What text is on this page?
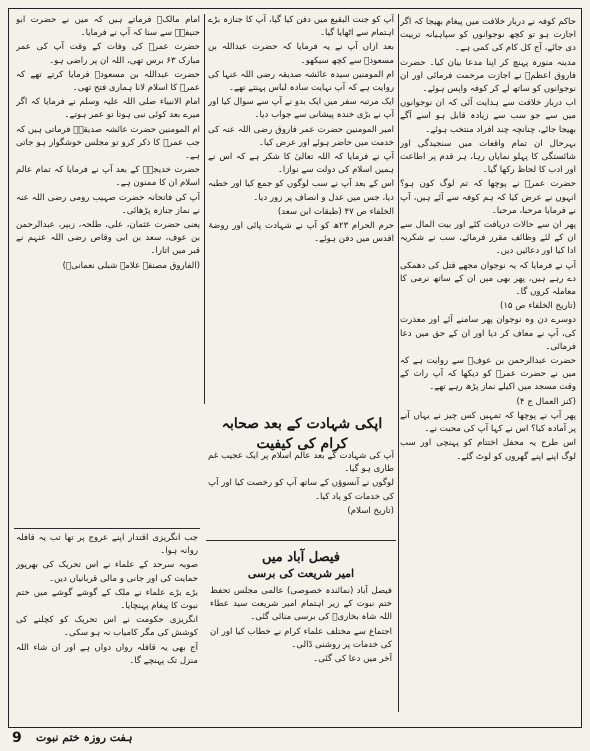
حاکم کوفہ نے دربار خلافت میں پیغام بھیجا کہ اگر اجازت ہو تو کچھ نوجوانوں کو سپاہیانہ تربیت دی جائے، آج کل کام کی کمی ہے۔

مدینہ منورہ پہنچ کر اپنا مدعا بیان کیا۔ حضرت فاروق اعظمؓ نے اجازت مرحمت فرمائی اور ان نوجوانوں کو ساتھ لے کر کوفہ واپس ہوئے۔

اب دربار خلافت سے ہدایت آئی کہ ان نوجوانوں میں سے جو سب سے زیادہ قابل ہو اسے آگے بھیجا جائے، چنانچہ چند افراد منتخب ہوئے۔

بہرحال ان تمام واقعات میں سنجیدگی اور شائستگی کا پہلو نمایاں رہا، ہر قدم پر اطاعت اور ادب کا لحاظ رکھا گیا۔

حضرت عمرؓ نے پوچھا کہ تم لوگ کون ہو؟ انہوں نے عرض کیا کہ ہم کوفہ سے آئے ہیں، آپ نے فرمایا مرحبا، مرحبا۔

پھر ان سے حالات دریافت کئے اور بیت المال سے ان کے لئے وظائف مقرر فرمائے، سب نے شکریہ ادا کیا اور دعائیں دیں۔

آپ نے فرمایا کہ یہ نوجوان مجھے قتل کی دھمکی دے رہے ہیں، پھر بھی میں ان کے ساتھ نرمی کا معاملہ کروں گا۔

(تاریخ الخلفاء ص ۱۵)

دوسرے دن وہ نوجوان پھر سامنے آئے اور معذرت کی، آپ نے معاف کر دیا اور ان کے حق میں دعا فرمائی۔

حضرت عبدالرحمن بن عوفؓ سے روایت ہے کہ میں نے حضرت عمرؓ کو دیکھا کہ آپ رات کے وقت مسجد میں اکیلے نماز پڑھ رہے تھے۔

(کنز العمال ج ۴)

پھر آپ نے پوچھا کہ تمہیں کس چیز نے یہاں آنے پر آمادہ کیا؟ اس نے کہا آپ کی محبت نے۔

اس طرح یہ محفل اختتام کو پہنچی اور سب لوگ اپنے اپنے گھروں کو لوٹ گئے۔

آپ کو جنت البقیع میں دفن کیا گیا، آپ کا جنازہ بڑے اہتمام سے اٹھایا گیا۔

بعد ازاں آپ نے یہ فرمایا کہ حضرت عبداللہ بن مسعودؓ سے کچھ سیکھو۔

ام المومنین سیدہ عائشہ صدیقہ رضی اللہ عنہا کی روایت ہے کہ آپ نہایت سادہ لباس پہنتے تھے۔

ایک مرتبہ سفر میں ایک بدو نے آپ سے سوال کیا اور آپ نے بڑی خندہ پیشانی سے جواب دیا۔

امیر المومنین حضرت عمر فاروق رضی اللہ عنہ کی خدمت میں حاضر ہوئے اور عرض کیا۔

آپ نے فرمایا کہ اللہ تعالیٰ کا شکر ہے کہ اس نے ہمیں اسلام کی دولت سے نوازا۔

اس کے بعد آپ نے سب لوگوں کو جمع کیا اور خطبہ دیا، جس میں عدل و انصاف پر زور دیا۔

الخلفاء ص ۴۷ (طبقات ابن سعد)

حرم الحرام ۲۳ھ کو آپ نے شہادت پائی اور روضۂ اقدس میں دفن ہوئے۔

اپکی شہادت کے بعد صحابہ کرام کی کیفیت

آپ کی شہادت کے بعد عالم اسلام پر ایک عجیب غم طاری ہو گیا۔

لوگوں نے آنسوؤں کے ساتھ آپ کو رخصت کیا اور آپ کی خدمات کو یاد کیا۔

(تاریخ اسلام)

امام مالکؒ فرماتے ہیں کہ میں نے حضرت ابو حنیفہؒ سے سنا کہ آپ نے فرمایا۔

حضرت عمرؓ کی وفات کے وقت آپ کی عمر مبارک ۶۳ برس تھی، اللہ ان پر راضی ہو۔

حضرت عبداللہ بن مسعودؓ فرمایا کرتے تھے کہ عمرؓ کا اسلام لانا ہماری فتح تھی۔

امام الانبیاء صلی اللہ علیہ وسلم نے فرمایا کہ اگر میرے بعد کوئی نبی ہوتا تو عمر ہوتے۔

ام المومنین حضرت عائشہ صدیقہؓ فرماتی ہیں کہ جب عمرؓ کا ذکر کرو تو مجلس خوشگوار ہو جاتی ہے۔

حضرت خدیجہؓ کے بعد آپ نے فرمایا کہ تمام عالم اسلام ان کا ممنون ہے۔

آپ کی فاتحانہ حضرت صہیب رومی رضی اللہ عنہ نے نماز جنازہ پڑھائی۔

یعنی حضرت عثمان، علی، طلحہ، زبیر، عبدالرحمن بن عوف، سعد بن ابی وقاص رضی اللہ عنہم نے قبر میں اتارا۔

(الفاروق مصنفہ علامہ شبلی نعمانیؒ)

جب انگریزی اقتدار اپنے عروج پر تھا تب یہ قافلہ روانہ ہوا۔

صوبہ سرحد کے علماء نے اس تحریک کی بھرپور حمایت کی اور جانی و مالی قربانیاں دیں۔

بڑے بڑے علماء نے ملک کے گوشے گوشے میں ختم نبوت کا پیغام پہنچایا۔

انگریزی حکومت نے اس تحریک کو کچلنے کی کوشش کی مگر کامیاب نہ ہو سکی۔

آج بھی یہ قافلہ رواں دواں ہے اور ان شاء اللہ منزل تک پہنچے گا۔

فیصل آباد میں
امیر شریعت کی برسی

فیصل آباد (نمائندہ خصوصی) عالمی مجلس تحفظ ختم نبوت کے زیر اہتمام امیر شریعت سید عطاء اللہ شاہ بخاریؒ کی برسی منائی گئی۔

اجتماع سے مختلف علماء کرام نے خطاب کیا اور ان کی خدمات پر روشنی ڈالی۔

آخر میں دعا کی گئی۔

ہفت روزہ ختم نبوت
9
